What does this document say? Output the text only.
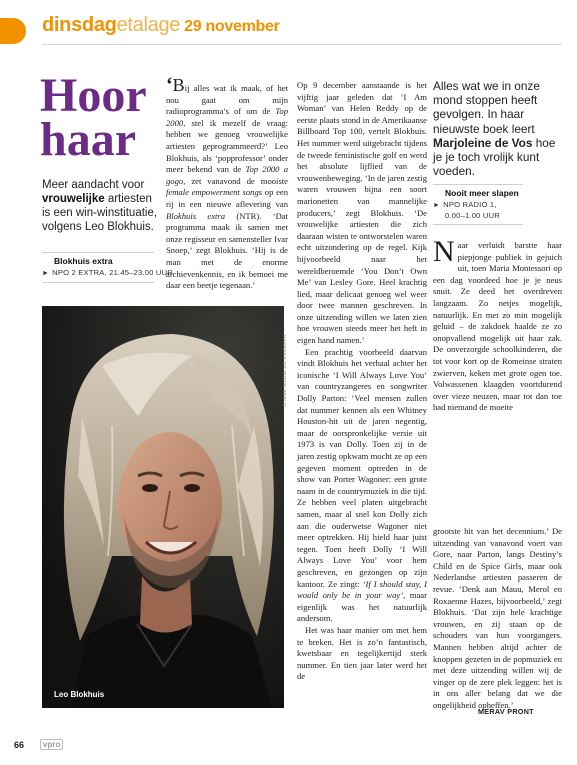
dinsdagetalage 29 november
Hoor
haar
Meer aandacht voor vrouwelijke artiesten is een win-winstituatie, volgens Leo Blokhuis.
Blokhuis extra
► NPO 2 EXTRA, 21.45–23.00 UUR
Leo Blokhuis
HANNEKE DE WIT/IN BEELD

‘Bij alles wat ik maak, of het nou gaat om mijn radioprogramma’s of om de Top 2000, stel ik mezelf de vraag: hebben we genoeg vrouwelijke artiesten geprogrammeerd?’ Leo Blokhuis, als ‘popprofessor’ onder meer bekend van de Top 2000 a gogo, zet vanavond de mooiste female empowerment songs op een rij in een nieuwe aflevering van Blokhuis extra (NTR). ‘Dat programma maak ik samen met onze regisseur en samensteller Ivar Snoep,’ zegt Blokhuis. ‘Hij is de man met de enorme archievenkennis, en ik bemoei me daar een beetje tegenaan.’

Op 9 december aanstaande is het vijftig jaar geleden dat ‘I Am Woman’ van Helen Reddy op de eerste plaats stond in de Amerikaanse Billboard Top 100, vertelt Blokhuis. Het nummer werd uitgebracht tijdens de tweede feministische golf en werd het absolute lijflied van de vrouwenbeweging. ‘In de jaren zestig waren vrouwen bijna een soort marionetten van mannelijke producers,’ zegt Blokhuis. ‘De vrouwelijke artiesten die zich daaraan wisten te ontworstelen waren echt uitzondering op de regel. Kijk bijvoorbeeld naar het wereldberoemde ‘You Don’t Own Me’ van Lesley Gore. Heel krachtig lied, maar delicaat genoeg wel weer door twee mannen geschreven. In onze uitzending willen we laten zien hoe vrouwen steeds meer het heft in eigen hand namen.’

Een prachtig voorbeeld daarvan vindt Blokhuis het verhaal achter het iconische ‘I Will Always Love You’ van countryzangeres en songwriter Dolly Parton: ‘Veel mensen zullen dat nummer kennen als een Whitney Houston-hit uit de jaren negentig, maar de oorspronkelijke versie uit 1973 is van Dolly. Toen zij in de jaren zestig opkwam mocht ze op een gegeven moment optreden in de show van Porter Wagoner: een grote naam in de countrymuziek in die tijd. Ze hebben veel platen uitgebracht samen, maar al snel kon Dolly zich aan die ouderwetse Wagoner niet meer optrekken. Hij hield haar juist tegen. Toen heeft Dolly ‘I Will Always Love You’ voor hem geschreven, en gezongen op zijn kantoor. Ze zingt: ‘If I should stay, I would only be in your way’, maar eigenlijk was het natuurlijk andersom.

Het was haar manier om met hem te breken. Het is zo’n fantastisch, kwetsbaar en tegelijkertijd sterk nummer. En tien jaar later werd het de

Alles wat we in onze mond stoppen heeft gevolgen. In haar nieuwste boek leert Marjoleine de Vos hoe je je toch vrolijk kunt voeden.
Nooit meer slapen
► NPO RADIO 1,
0.00–1.00 UUR

Naar verluidt barstte haar piepjonge publiek in gejuich uit, toen Maria Montessori op een dag voordeed hoe je je neus snuit. Ze deed het overdreven langzaam. Zo netjes mogelijk, natuurlijk. En met zo min mogelijk geluid – de zakdoek haalde ze zo onopvallend mogelijk uit haar zak. De onverzorgde schoolkinderen, die tot voor kort op de Romeinse straten zwierven, keken met grote ogen toe. Volwassenen klaagden voortdurend over vieze neuzen, maar tot dan toe had niemand de moeite

grootste hit van het decennium.’ De uitzending van vanavond voert van Gore, naar Parton, langs Destiny’s Child en de Spice Girls, maar ook Nederlandse artiesten passeren de revue. ‘Denk aan Mauu, Merol en Roxaenne Hazes, bijvoorbeeld,’ zegt Blokhuis. ‘Dat zijn hele krachtige vrouwen, en zij staan op de schouders van hun voorgangers. Mannen hebben altijd achter de knoppen gezeten in de popmuziek en met deze uitzending willen wij de vinger op de zere plek leggen: het is in ons aller belang dat we die ongelijkheid opheffen.’

MERAV PRONT
66	vpro
